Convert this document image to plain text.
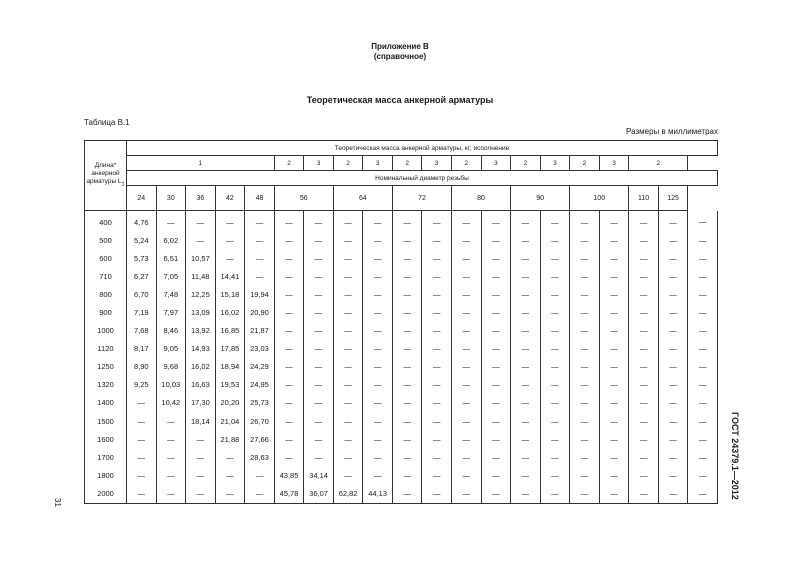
Приложение В
(справочное)
Теоретическая масса анкерной арматуры
Таблица В.1
Размеры в миллиметрах
ГОСТ 24379.1—2012
31
Длина* анкерной арматуры $L_1$	Теоретическая масса анкерной арматуры, кг; исполнение																			
	1					2	3	2	3	2	3	2	3	2	3	2	3	2		
	Номинальный диаметр резьбы																			
	24	30	36	42	48	56		64		72		80		90		100		110	125	
400	4,76	—	—	—	—	—	—	—	—	—	—	—	—	—	—	—	—	—	—	—
500	5,24	6,02	—	—	—	—	—	—	—	—	—	—	—	—	—	—	—	—	—	—
600	5,73	6,51	10,57	—	—	—	—	—	—	—	—	—	—	—	—	—	—	—	—	—
710	6,27	7,05	11,48	14,41	—	—	—	—	—	—	—	—	—	—	—	—	—	—	—	—
800	6,70	7,48	12,25	15,18	19,94	—	—	—	—	—	—	—	—	—	—	—	—	—	—	—
900	7,19	7,97	13,09	16,02	20,90	—	—	—	—	—	—	—	—	—	—	—	—	—	—	—
1000	7,68	8,46	13,92	16,85	21,87	—	—	—	—	—	—	—	—	—	—	—	—	—	—	—
1120	8,17	9,05	14,93	17,85	23,03	—	—	—	—	—	—	—	—	—	—	—	—	—	—	—
1250	8,90	9,68	16,02	18,94	24,29	—	—	—	—	—	—	—	—	—	—	—	—	—	—	—
1320	9,25	10,03	16,63	19,53	24,95	—	—	—	—	—	—	—	—	—	—	—	—	—	—	—
1400	—	10,42	17,30	20,20	25,73	—	—	—	—	—	—	—	—	—	—	—	—	—	—	—
1500	—	—	18,14	21,04	26,70	—	—	—	—	—	—	—	—	—	—	—	—	—	—	—
1600	—	—	—	21,88	27,66	—	—	—	—	—	—	—	—	—	—	—	—	—	—	—
1700	—	—	—	—	28,63	—	—	—	—	—	—	—	—	—	—	—	—	—	—	—
1800	—	—	—	—	—	43,85	34,14	—	—	—	—	—	—	—	—	—	—	—	—	—
2000	—	—	—	—	—	45,78	36,07	62,82	44,13	—	—	—	—	—	—	—	—	—	—	—
